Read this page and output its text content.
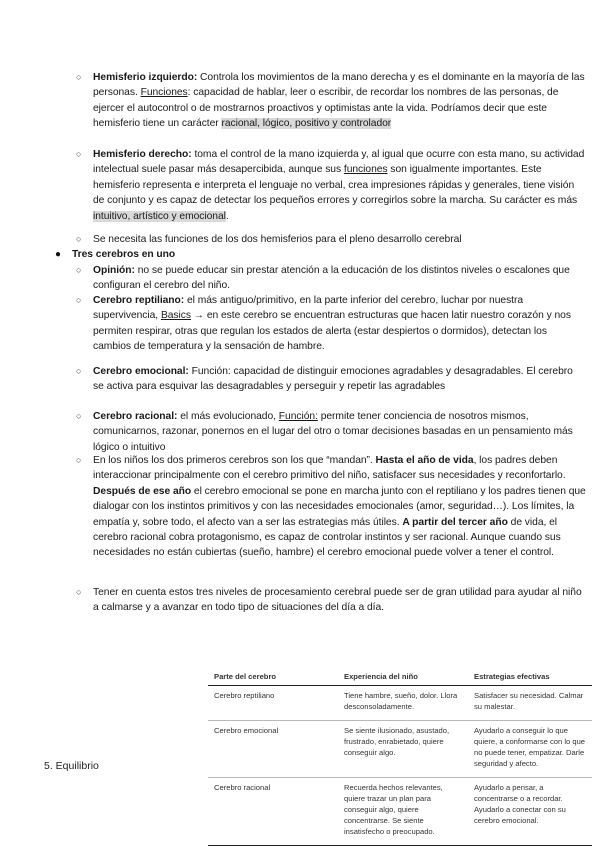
○	Hemisferio izquierdo: Controla los movimientos de la mano derecha y es el dominante en la mayoría de las personas. Funciones: capacidad de hablar, leer o escribir, de recordar los nombres de las personas, de ejercer el autocontrol o de mostrarnos proactivos y optimistas ante la vida. Podríamos decir que este hemisferio tiene un carácter racional, lógico, positivo y controlador
○	Hemisferio derecho: toma el control de la mano izquierda y, al igual que ocurre con esta mano, su actividad intelectual suele pasar más desapercibida, aunque sus funciones son igualmente importantes. Este hemisferio representa e interpreta el lenguaje no verbal, crea impresiones rápidas y generales, tiene visión de conjunto y es capaz de detectar los pequeños errores y corregirlos sobre la marcha. Su carácter es más intuitivo, artístico y emocional.
○	Se necesita las funciones de los dos hemisferios para el pleno desarrollo cerebral
●	Tres cerebros en uno
○	Opinión: no se puede educar sin prestar atención a la educación de los distintos niveles o escalones que configuran el cerebro del niño.
○	Cerebro reptiliano: el más antiguo/primitivo, en la parte inferior del cerebro, luchar por nuestra supervivencia, Basics → en este cerebro se encuentran estructuras que hacen latir nuestro corazón y nos permiten respirar, otras que regulan los estados de alerta (estar despiertos o dormidos), detectan los cambios de temperatura y la sensación de hambre.
○	Cerebro emocional: Función: capacidad de distinguir emociones agradables y desagradables. El cerebro se activa para esquivar las desagradables y perseguir y repetir las agradables
○	Cerebro racional: el más evolucionado, Función: permite tener conciencia de nosotros mismos, comunicarnos, razonar, ponernos en el lugar del otro o tomar decisiones basadas en un pensamiento más lógico o intuitivo
○	En los niños los dos primeros cerebros son los que “mandan”. Hasta el año de vida, los padres deben interaccionar principalmente con el cerebro primitivo del niño, satisfacer sus necesidades y reconfortarlo. Después de ese año el cerebro emocional se pone en marcha junto con el reptiliano y los padres tienen que dialogar con los instintos primitivos y con las necesidades emocionales (amor, seguridad…). Los límites, la empatía y, sobre todo, el afecto van a ser las estrategias más útiles. A partir del tercer año de vida, el cerebro racional cobra protagonismo, es capaz de controlar instintos y ser racional. Aunque cuando sus necesidades no están cubiertas (sueño, hambre) el cerebro emocional puede volver a tener el control.
○	Tener en cuenta estos tres niveles de procesamiento cerebral puede ser de gran utilidad para ayudar al niño a calmarse y a avanzar en todo tipo de situaciones del día a día.
5. Equilibrio
Parte del cerebro	Experiencia del niño	Estrategias efectivas
Cerebro reptiliano	Tiene hambre, sueño, dolor. Llora desconsoladamente.	Satisfacer su necesidad. Calmar su malestar.
Cerebro emocional	Se siente ilusionado, asustado, frustrado, enrabietado, quiere conseguir algo.	Ayudarlo a conseguir lo que quiere, a conformarse con lo que no puede tener, empatizar. Darle seguridad y afecto.
Cerebro racional	Recuerda hechos relevantes, quiere trazar un plan para conseguir algo, quiere concentrarse. Se siente insatisfecho o preocupado.	Ayudarlo a pensar, a concentrarse o a recordar. Ayudarlo a conectar con su cerebro emocional.
